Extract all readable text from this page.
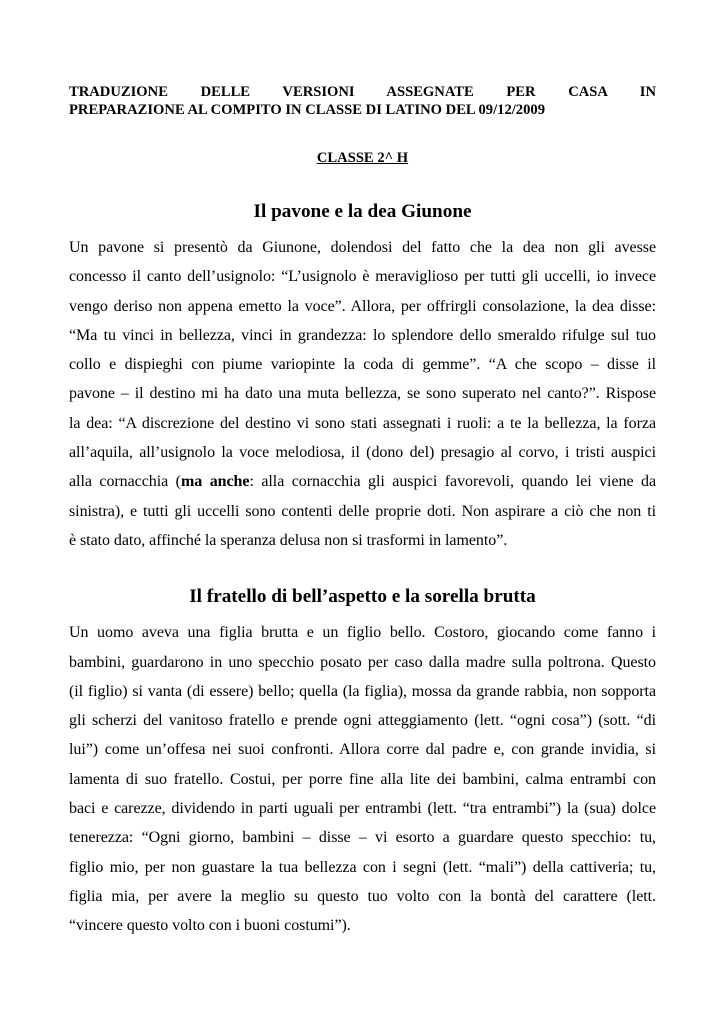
TRADUZIONE DELLE VERSIONI ASSEGNATE PER CASA IN
PREPARAZIONE AL COMPITO IN CLASSE DI LATINO DEL 09/12/2009

CLASSE 2^ H

Il pavone e la dea Giunone
Un pavone si presentò da Giunone, dolendosi del fatto che la dea non gli avesse
concesso il canto dell’usignolo: “L’usignolo è meraviglioso per tutti gli uccelli, io invece
vengo deriso non appena emetto la voce”. Allora, per offrirgli consolazione, la dea disse:
“Ma tu vinci in bellezza, vinci in grandezza: lo splendore dello smeraldo rifulge sul tuo
collo e dispieghi con piume variopinte la coda di gemme”. “A che scopo – disse il
pavone – il destino mi ha dato una muta bellezza, se sono superato nel canto?”. Rispose
la dea: “A discrezione del destino vi sono stati assegnati i ruoli: a te la bellezza, la forza
all’aquila, all’usignolo la voce melodiosa, il (dono del) presagio al corvo, i tristi auspici
alla cornacchia (ma anche: alla cornacchia gli auspici favorevoli, quando lei viene da
sinistra), e tutti gli uccelli sono contenti delle proprie doti. Non aspirare a ciò che non ti
è stato dato, affinché la speranza delusa non si trasformi in lamento”.
Il fratello di bell’aspetto e la sorella brutta
Un uomo aveva una figlia brutta e un figlio bello. Costoro, giocando come fanno i
bambini, guardarono in uno specchio posato per caso dalla madre sulla poltrona. Questo
(il figlio) si vanta (di essere) bello; quella (la figlia), mossa da grande rabbia, non sopporta
gli scherzi del vanitoso fratello e prende ogni atteggiamento (lett. “ogni cosa”) (sott. “di
lui”) come un’offesa nei suoi confronti. Allora corre dal padre e, con grande invidia, si
lamenta di suo fratello. Costui, per porre fine alla lite dei bambini, calma entrambi con
baci e carezze, dividendo in parti uguali per entrambi (lett. “tra entrambi”) la (sua) dolce
tenerezza: “Ogni giorno, bambini – disse – vi esorto a guardare questo specchio: tu,
figlio mio, per non guastare la tua bellezza con i segni (lett. “mali”) della cattiveria; tu,
figlia mia, per avere la meglio su questo tuo volto con la bontà del carattere (lett.
“vincere questo volto con i buoni costumi”).
